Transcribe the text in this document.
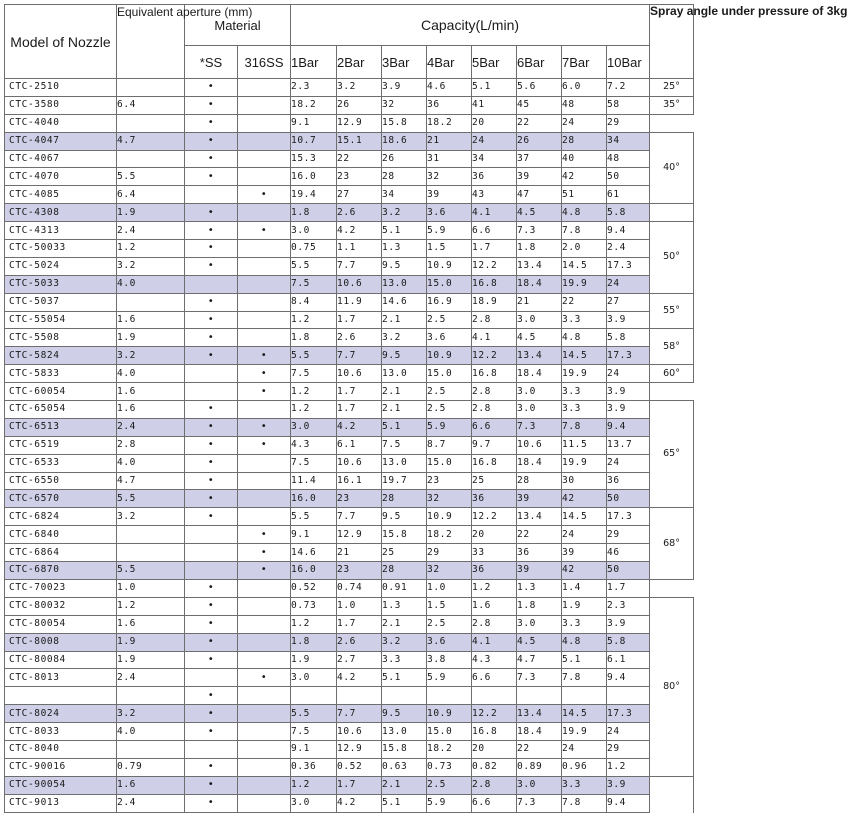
Model of Nozzle	Equivalent aperture (mm)	Material		Capacity(L/min)								Spray angle under pressure of 3kg	
		*SS	316SS	1Bar	2Bar	3Bar	4Bar	5Bar	6Bar	7Bar	10Bar		
CTC-2510		•		2.3	3.2	3.9	4.6	5.1	5.6	6.0	7.2	25°	
CTC-3580	6.4	•		18.2	26	32	36	41	45	48	58	35°	
CTC-4040		•		9.1	12.9	15.8	18.2	20	22	24	29		
CTC-4047	4.7	•		10.7	15.1	18.6	21	24	26	28	34	40°	
CTC-4067		•		15.3	22	26	31	34	37	40	48		
CTC-4070	5.5	•		16.0	23	28	32	36	39	42	50		
CTC-4085	6.4		•	19.4	27	34	39	43	47	51	61	
CTC-4308	1.9	•		1.8	2.6	3.2	3.6	4.1	4.5	4.8	5.8		
CTC-4313	2.4	•	•	3.0	4.2	5.1	5.9	6.6	7.3	7.8	9.4	50°	
CTC-50033	1.2	•		0.75	1.1	1.3	1.5	1.7	1.8	2.0	2.4		
CTC-5024	3.2	•		5.5	7.7	9.5	10.9	12.2	13.4	14.5	17.3		
CTC-5033	4.0			7.5	10.6	13.0	15.0	16.8	18.4	19.9	24		
CTC-5037		•		8.4	11.9	14.6	16.9	18.9	21	22	27	55°	
CTC-55054	1.6	•		1.2	1.7	2.1	2.5	2.8	3.0	3.3	3.9		
CTC-5508	1.9	•		1.8	2.6	3.2	3.6	4.1	4.5	4.8	5.8	58°	
CTC-5824	3.2	•	•	5.5	7.7	9.5	10.9	12.2	13.4	14.5	17.3		
CTC-5833	4.0		•	7.5	10.6	13.0	15.0	16.8	18.4	19.9	24	60°	
CTC-60054	1.6		•	1.2	1.7	2.1	2.5	2.8	3.0	3.3	3.9		
CTC-65054	1.6	•		1.2	1.7	2.1	2.5	2.8	3.0	3.3	3.9	65°	
CTC-6513	2.4	•	•	3.0	4.2	5.1	5.9	6.6	7.3	7.8	9.4		
CTC-6519	2.8	•	•	4.3	6.1	7.5	8.7	9.7	10.6	11.5	13.7		
CTC-6533	4.0	•		7.5	10.6	13.0	15.0	16.8	18.4	19.9	24		
CTC-6550	4.7	•		11.4	16.1	19.7	23	25	28	30	36		
CTC-6570	5.5	•		16.0	23	28	32	36	39	42	50		
CTC-6824	3.2	•		5.5	7.7	9.5	10.9	12.2	13.4	14.5	17.3	68°	
CTC-6840			•	9.1	12.9	15.8	18.2	20	22	24	29		
CTC-6864			•	14.6	21	25	29	33	36	39	46		
CTC-6870	5.5		•	16.0	23	28	32	36	39	42	50	
CTC-70023	1.0	•		0.52	0.74	0.91	1.0	1.2	1.3	1.4	1.7		
CTC-80032	1.2	•		0.73	1.0	1.3	1.5	1.6	1.8	1.9	2.3	80°	
CTC-80054	1.6	•		1.2	1.7	2.1	2.5	2.8	3.0	3.3	3.9		
CTC-8008	1.9	•		1.8	2.6	3.2	3.6	4.1	4.5	4.8	5.8		
CTC-80084	1.9	•		1.9	2.7	3.3	3.8	4.3	4.7	5.1	6.1		
CTC-8013	2.4		•	3.0	4.2	5.1	5.9	6.6	7.3	7.8	9.4		
		•											
CTC-8024	3.2	•		5.5	7.7	9.5	10.9	12.2	13.4	14.5	17.3		
CTC-8033	4.0	•		7.5	10.6	13.0	15.0	16.8	18.4	19.9	24		
CTC-8040				9.1	12.9	15.8	18.2	20	22	24	29		
CTC-90016	0.79	•		0.36	0.52	0.63	0.73	0.82	0.89	0.96	1.2	
CTC-90054	1.6	•		1.2	1.7	2.1	2.5	2.8	3.0	3.3	3.9		
CTC-9013	2.4	•		3.0	4.2	5.1	5.9	6.6	7.3	7.8	9.4		
